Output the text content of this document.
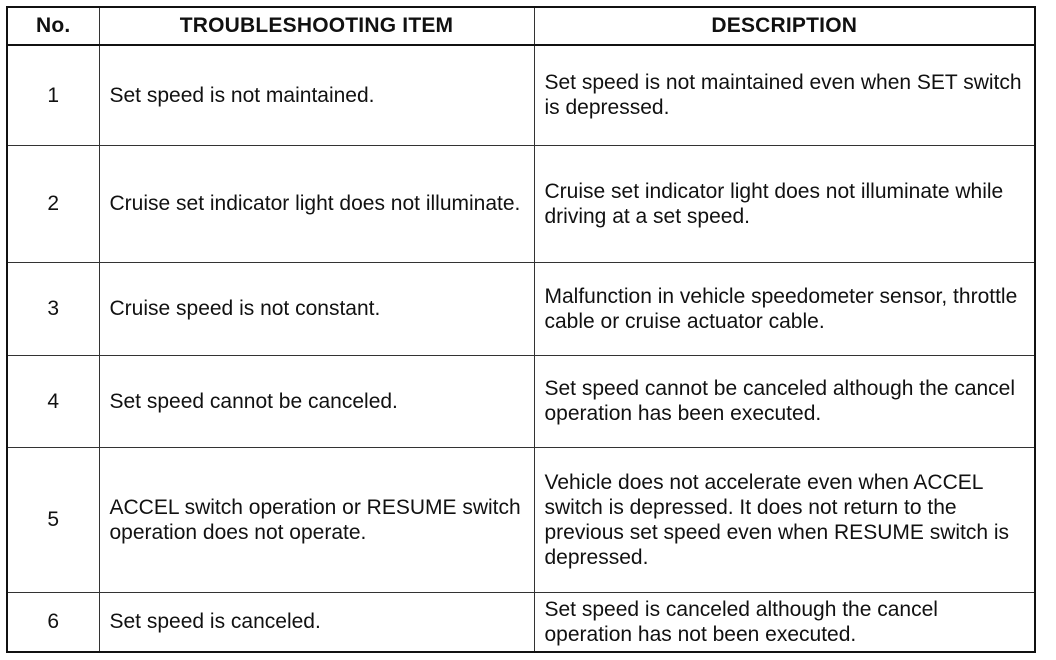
No.	TROUBLESHOOTING ITEM	DESCRIPTION
1	Set speed is not maintained.	Set speed is not maintained even when SET switch is depressed.
2	Cruise set indicator light does not illuminate.	Cruise set indicator light does not illuminate while driving at a set speed.
3	Cruise speed is not constant.	Malfunction in vehicle speedometer sensor, throttle cable or cruise actuator cable.
4	Set speed cannot be canceled.	Set speed cannot be canceled although the cancel operation has been executed.
5	ACCEL switch operation or RESUME switch operation does not operate.	Vehicle does not accelerate even when ACCEL switch is depressed. It does not return to the previous set speed even when RESUME switch is depressed.
6	Set speed is canceled.	Set speed is canceled although the cancel operation has not been executed.
